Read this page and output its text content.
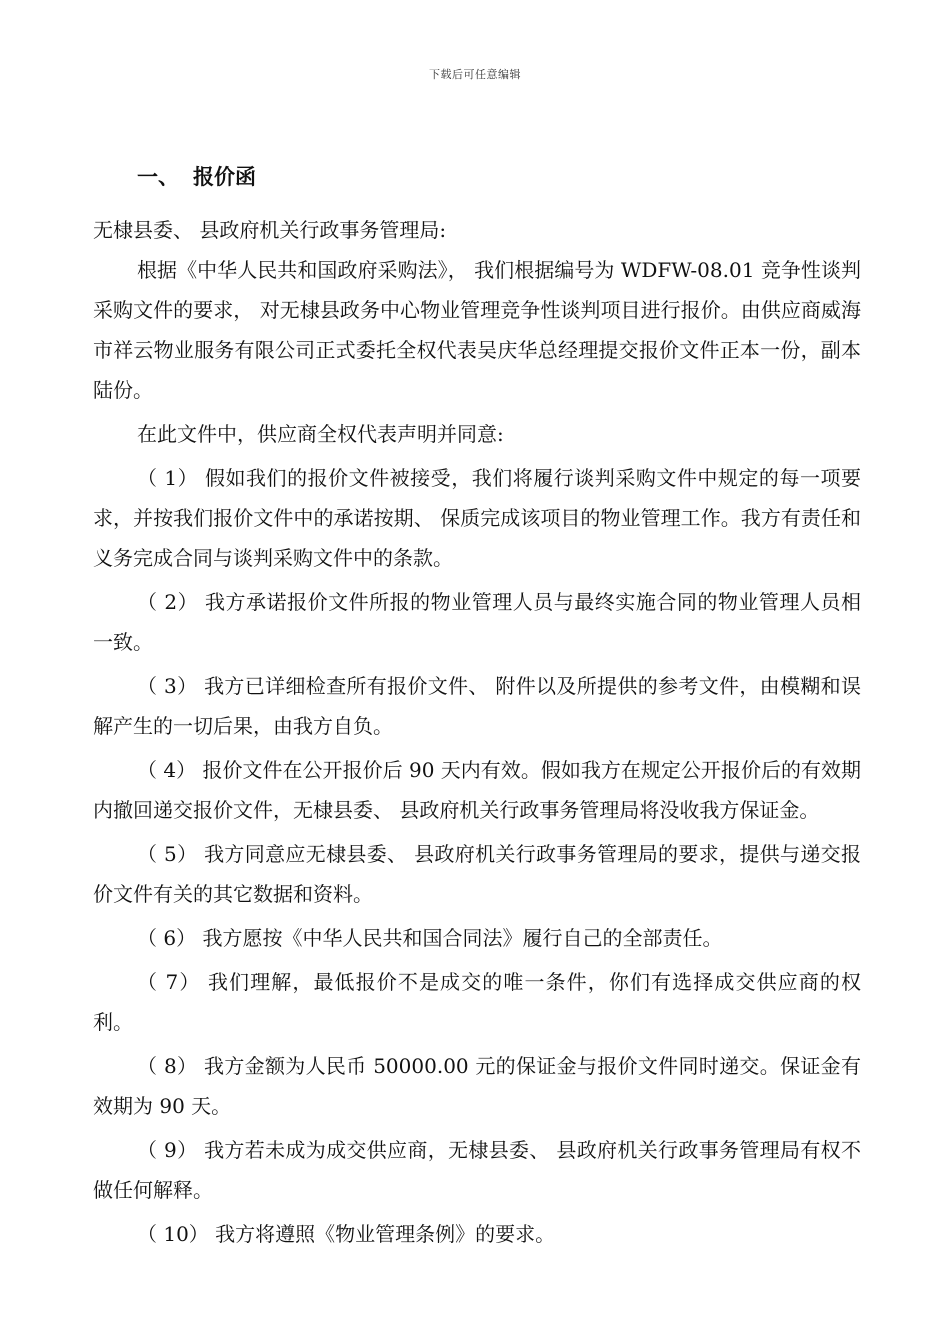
下载后可任意编辑
一、 报价函

无棣县委、 县政府机关行政事务管理局:

根据《中华人民共和国政府采购法》， 我们根据编号为 WDFW-08.01 竞争性谈判采购文件的要求， 对无棣县政务中心物业管理竞争性谈判项目进行报价。由供应商威海市祥云物业服务有限公司正式委托全权代表吴庆华总经理提交报价文件正本一份，副本陆份。

在此文件中，供应商全权代表声明并同意:

（ 1） 假如我们的报价文件被接受，我们将履行谈判采购文件中规定的每一项要求，并按我们报价文件中的承诺按期、 保质完成该项目的物业管理工作。我方有责任和义务完成合同与谈判采购文件中的条款。

（ 2） 我方承诺报价文件所报的物业管理人员与最终实施合同的物业管理人员相一致。

（ 3） 我方已详细检查所有报价文件、 附件以及所提供的参考文件，由模糊和误解产生的一切后果，由我方自负。

（ 4） 报价文件在公开报价后 90 天内有效。假如我方在规定公开报价后的有效期内撤回递交报价文件，无棣县委、 县政府机关行政事务管理局将没收我方保证金。

（ 5） 我方同意应无棣县委、 县政府机关行政事务管理局的要求，提供与递交报价文件有关的其它数据和资料。

（ 6） 我方愿按《中华人民共和国合同法》履行自己的全部责任。

（ 7） 我们理解，最低报价不是成交的唯一条件，你们有选择成交供应商的权利。

（ 8） 我方金额为人民币 50000.00 元的保证金与报价文件同时递交。保证金有效期为 90 天。

（ 9） 我方若未成为成交供应商，无棣县委、 县政府机关行政事务管理局有权不做任何解释。

（ 10） 我方将遵照《物业管理条例》的要求。
